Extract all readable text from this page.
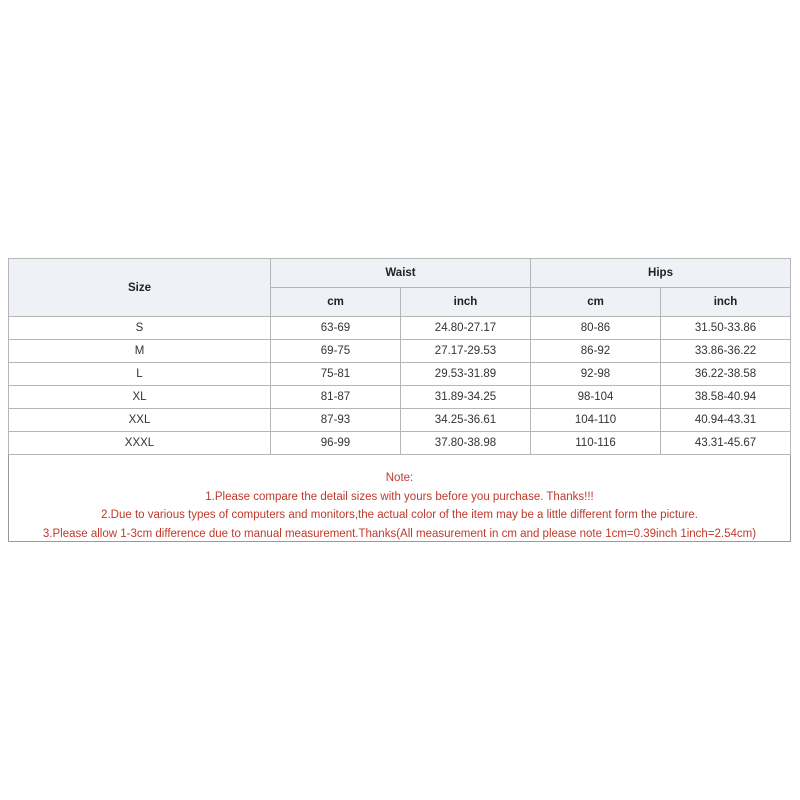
Size	Waist		Hips	
	cm	inch	cm	inch
S	63-69	24.80-27.17	80-86	31.50-33.86
M	69-75	27.17-29.53	86-92	33.86-36.22
L	75-81	29.53-31.89	92-98	36.22-38.58
XL	81-87	31.89-34.25	98-104	38.58-40.94
XXL	87-93	34.25-36.61	104-110	40.94-43.31
XXXL	96-99	37.80-38.98	110-116	43.31-45.67
Note:
1.Please compare the detail sizes with yours before you purchase. Thanks!!!
2.Due to various types of computers and monitors,the actual color of the item may be a little different form the picture.
3.Please allow 1-3cm difference due to manual measurement.Thanks(All measurement in cm and please note 1cm=0.39inch 1inch=2.54cm)
